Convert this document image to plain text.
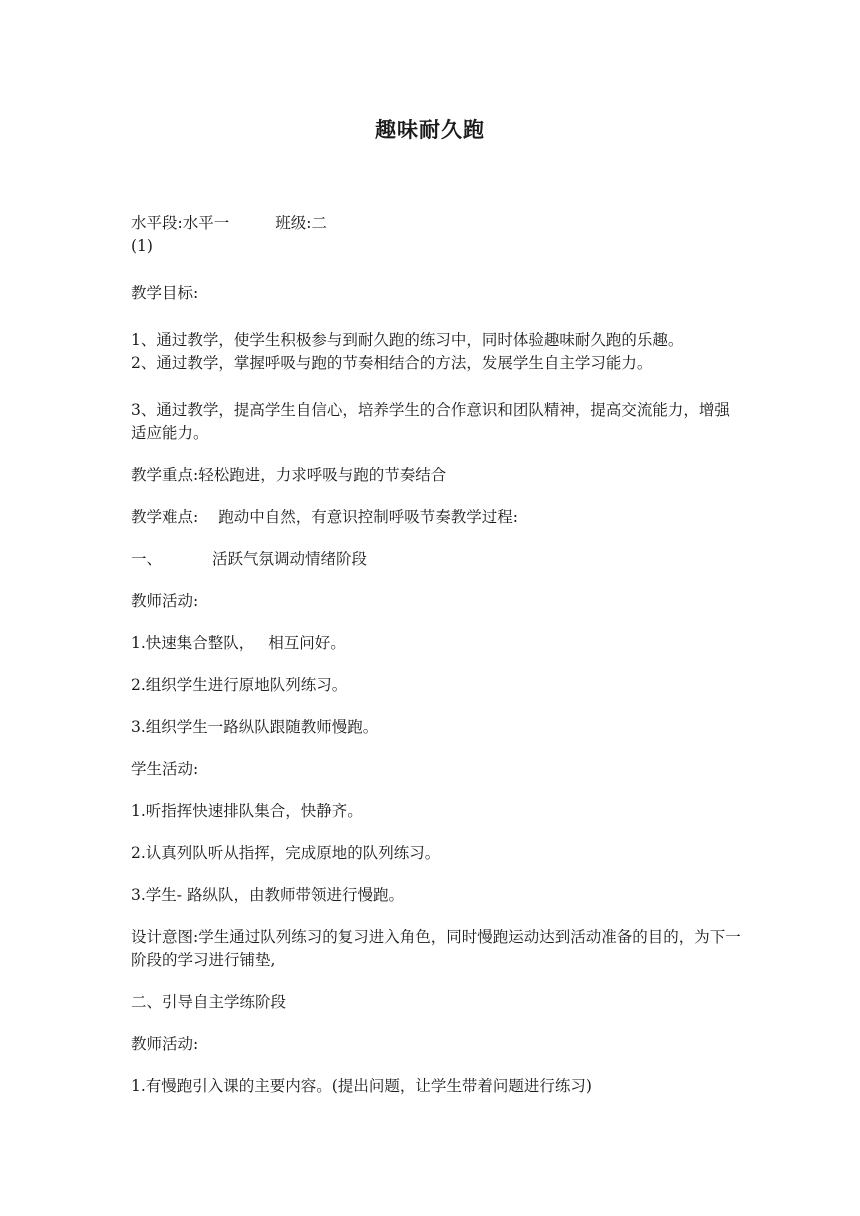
趣味耐久跑

水平段:水平一	班级:二

(1)

教学目标:

1、通过教学，使学生积极参与到耐久跑的练习中，同时体验趣味耐久跑的乐趣。

2、通过教学，掌握呼吸与跑的节奏相结合的方法，发展学生自主学习能力。

3、通过教学，提高学生自信心，培养学生的合作意识和团队精神，提高交流能力，增强适应能力。

教学重点:轻松跑进，力求呼吸与跑的节奏结合

教学难点: 跑动中自然，有意识控制呼吸节奏教学过程:

一、	活跃气氛调动情绪阶段

教师活动:

1.快速集合整队， 相互问好。

2.组织学生进行原地队列练习。

3.组织学生一路纵队跟随教师慢跑。

学生活动:

1.听指挥快速排队集合，快静齐。

2.认真列队听从指挥，完成原地的队列练习。

3.学生- 路纵队，由教师带领进行慢跑。

设计意图:学生通过队列练习的复习进入角色，同时慢跑运动达到活动准备的目的，为下一阶段的学习进行铺垫,

二、引导自主学练阶段

教师活动:

1.有慢跑引入课的主要内容。(提出问题，让学生带着问题进行练习)
